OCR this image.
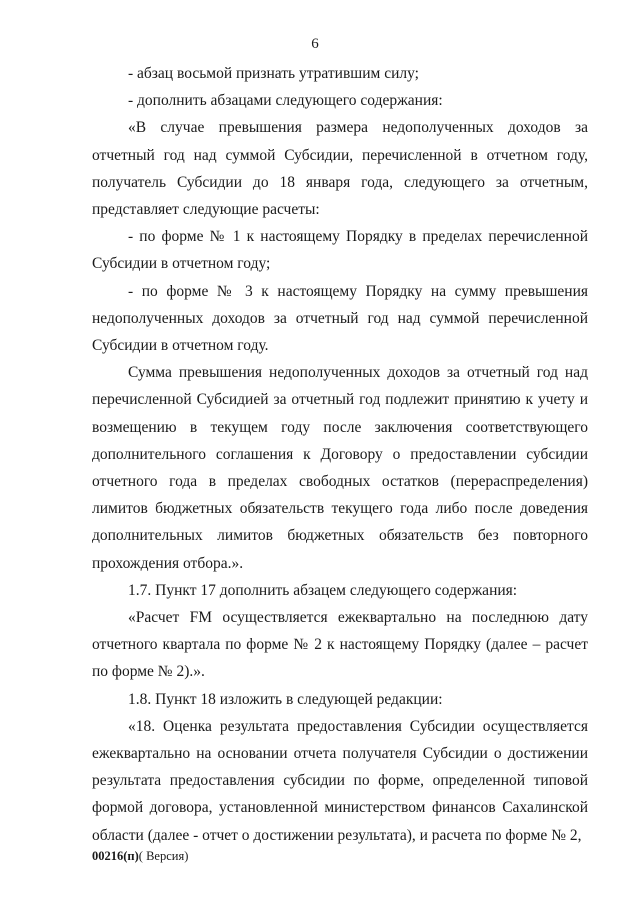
6

- абзац восьмой признать утратившим силу;

- дополнить абзацами следующего содержания:

«В случае превышения размера недополученных доходов за отчетный год над суммой Субсидии, перечисленной в отчетном году, получатель Субсидии до 18 января года, следующего за отчетным, представляет следующие расчеты:

- по форме № 1 к настоящему Порядку в пределах перечисленной Субсидии в отчетном году;

- по форме № 3 к настоящему Порядку на сумму превышения недополученных доходов за отчетный год над суммой перечисленной Субсидии в отчетном году.

Сумма превышения недополученных доходов за отчетный год над перечисленной Субсидией за отчетный год подлежит принятию к учету и возмещению в текущем году после заключения соответствующего дополнительного соглашения к Договору о предоставлении субсидии отчетного года в пределах свободных остатков (перераспределения) лимитов бюджетных обязательств текущего года либо после доведения дополнительных лимитов бюджетных обязательств без повторного прохождения отбора.».

1.7. Пункт 17 дополнить абзацем следующего содержания:

«Расчет FM осуществляется ежеквартально на последнюю дату отчетного квартала по форме № 2 к настоящему Порядку (далее – расчет по форме № 2).».

1.8. Пункт 18 изложить в следующей редакции:

«18. Оценка результата предоставления Субсидии осуществляется ежеквартально на основании отчета получателя Субсидии о достижении результата предоставления субсидии по форме, определенной типовой формой договора, установленной министерством финансов Сахалинской области (далее - отчет о достижении результата), и расчета по форме № 2,

00216(п)( Версия)
